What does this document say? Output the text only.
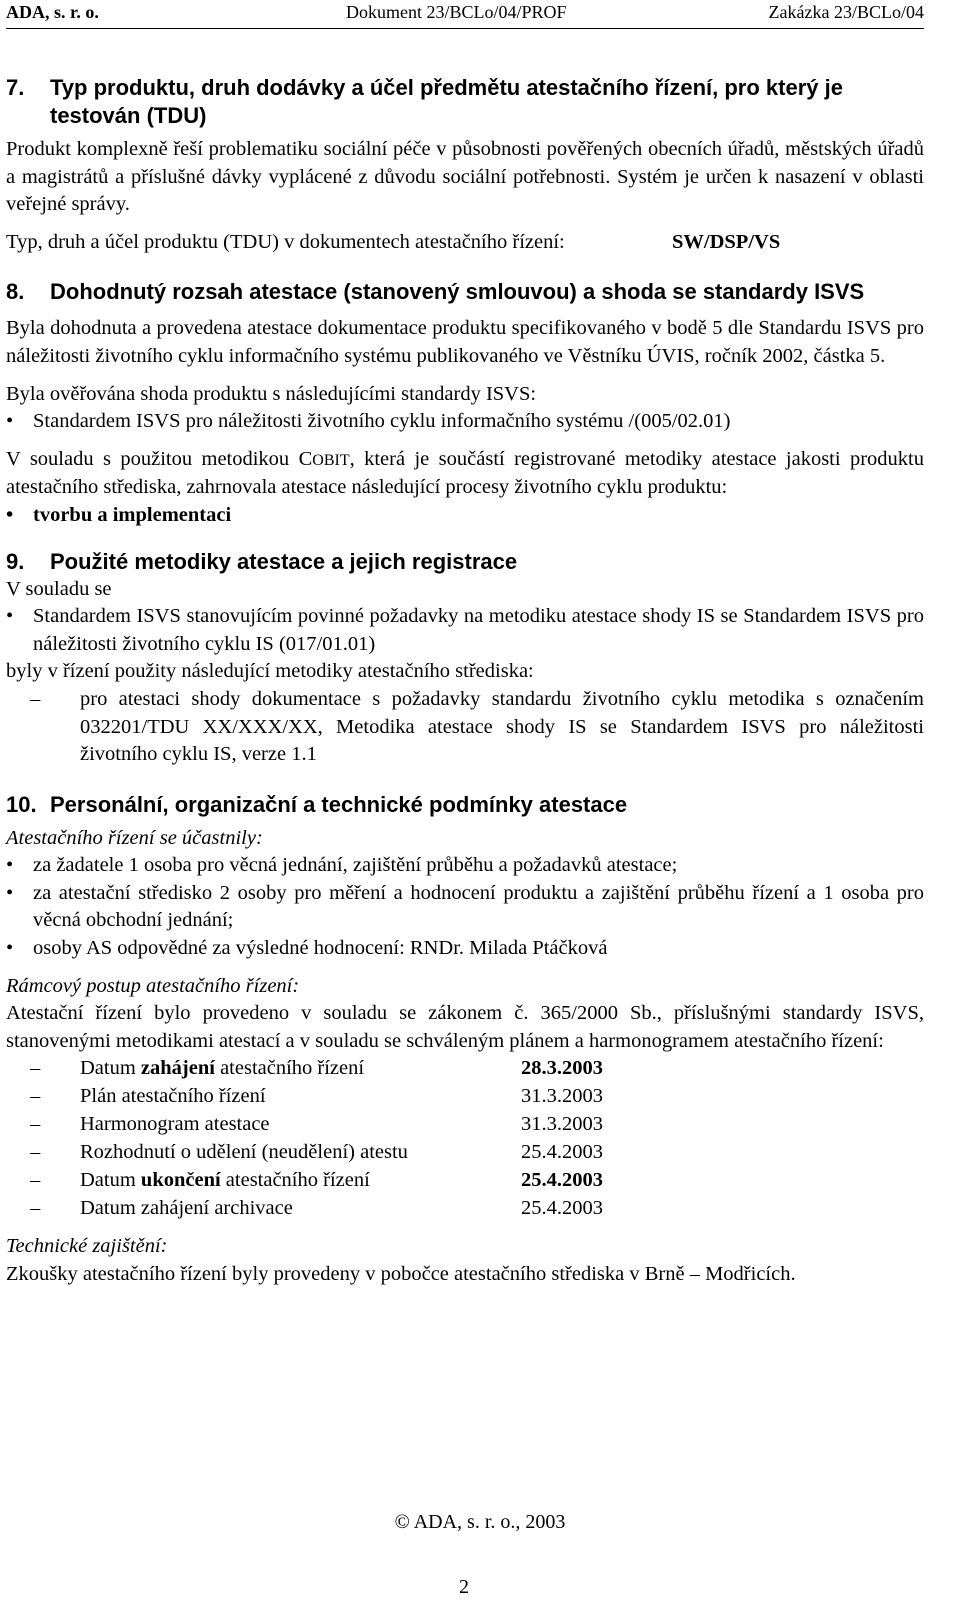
ADA, s. r. o.	Dokument 23/BCLo/04/PROF	Zakázka 23/BCLo/04
7.	Typ produktu, druh dodávky a účel předmětu atestačního řízení, pro který je testován (TDU)

Produkt komplexně řeší problematiku sociální péče v působnosti pověřených obecních úřadů, městských úřadů a magistrátů a příslušné dávky vyplácené z důvodu sociální potřebnosti. Systém je určen k nasazení v oblasti veřejné správy.

Typ, druh a účel produktu (TDU) v dokumentech atestačního řízení:	SW/DSP/VS

8.	Dohodnutý rozsah atestace (stanovený smlouvou) a shoda se standardy ISVS

Byla dohodnuta a provedena atestace dokumentace produktu specifikovaného v bodě 5 dle Standardu ISVS pro náležitosti životního cyklu informačního systému publikovaného ve Věstníku ÚVIS, ročník 2002, částka 5.

Byla ověřována shoda produktu s následujícími standardy ISVS:

• Standardem ISVS pro náležitosti životního cyklu informačního systému /(005/02.01)

V souladu s použitou metodikou COBIT, která je součástí registrované metodiky atestace jakosti produktu atestačního střediska, zahrnovala atestace následující procesy životního cyklu produktu:

• tvorbu a implementaci
9.	Použité metodiky atestace a jejich registrace

V souladu se

• Standardem ISVS stanovujícím povinné požadavky na metodiku atestace shody IS se Standardem ISVS pro náležitosti životního cyklu IS (017/01.01)

byly v řízení použity následující metodiky atestačního střediska:

– pro atestaci shody dokumentace s požadavky standardu životního cyklu metodika s označením 032201/TDU XX/XXX/XX, Metodika atestace shody IS se Standardem ISVS pro náležitosti životního cyklu IS, verze 1.1
10. Personální, organizační a technické podmínky atestace

Atestačního řízení se účastnily:

• za žadatele 1 osoba pro věcná jednání, zajištění průběhu a požadavků atestace;
• za atestační středisko 2 osoby pro měření a hodnocení produktu a zajištění průběhu řízení a 1 osoba pro věcná obchodní jednání;
• osoby AS odpovědné za výsledné hodnocení: RNDr. Milada Ptáčková

Rámcový postup atestačního řízení:

Atestační řízení bylo provedeno v souladu se zákonem č. 365/2000 Sb., příslušnými standardy ISVS, stanovenými metodikami atestací a v souladu se schváleným plánem a harmonogramem atestačního řízení:

– Datum zahájení atestačního řízení	28.3.2003
– Plán atestačního řízení	31.3.2003
– Harmonogram atestace	31.3.2003
– Rozhodnutí o udělení (neudělení) atestu	25.4.2003
– Datum ukončení atestačního řízení	25.4.2003
– Datum zahájení archivace	25.4.2003

Technické zajištění:

Zkoušky atestačního řízení byly provedeny v pobočce atestačního střediska v Brně – Modřicích.

© ADA, s. r. o., 2003
2
